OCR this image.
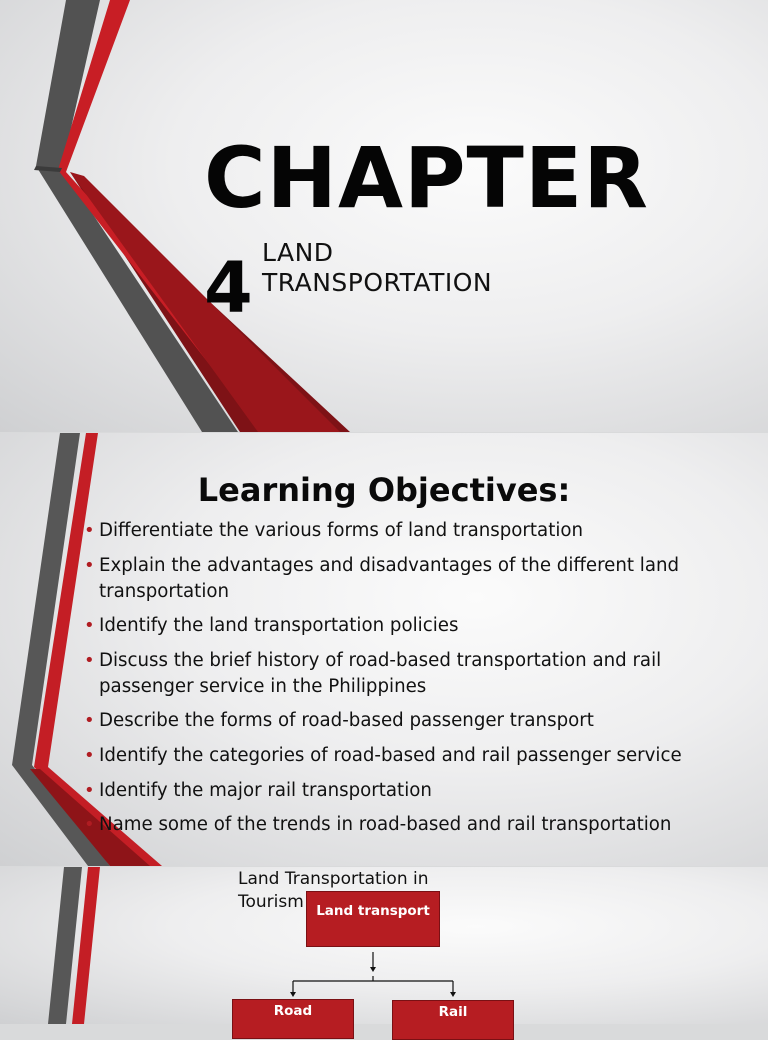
CHAPTER
4 LAND
TRANSPORTATION
Learning Objectives:
• Differentiate the various forms of land transportation
• Explain the advantages and disadvantages of the different land transportation
• Identify the land transportation policies
• Discuss the brief history of road-based transportation and rail passenger service in the Philippines
• Describe the forms of road-based passenger transport
• Identify the categories of road-based and rail passenger service
• Identify the major rail transportation
• Name some of the trends in road-based and rail transportation
Land Transportation in Tourism Land transport
Road	Rail
